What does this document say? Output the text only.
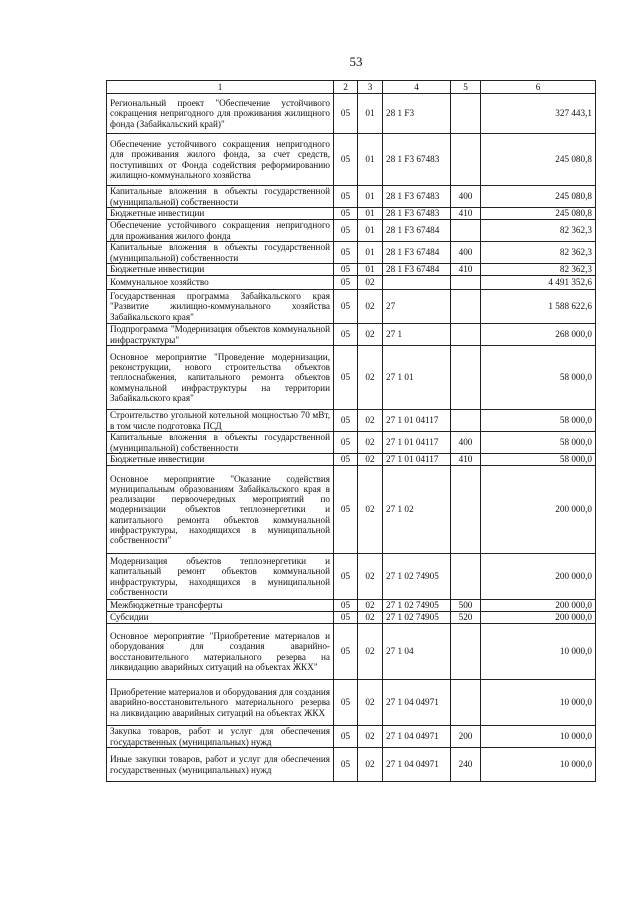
53
1	2	3	4	5	6
Региональный проект "Обеспечение устойчивого сокращения непригодного для проживания жилищного фонда (Забайкальский край)"	05	01	28 1 F3		327 443,1
Обеспечение устойчивого сокращения непригодного для проживания жилого фонда, за счет средств, поступивших от Фонда содействия реформированию жилищно-коммунального хозяйства	05	01	28 1 F3 67483		245 080,8
Капитальные вложения в объекты государственной (муниципальной) собственности	05	01	28 1 F3 67483	400	245 080,8
Бюджетные инвестиции	05	01	28 1 F3 67483	410	245 080,8
Обеспечение устойчивого сокращения непригодного для проживания жилого фонда	05	01	28 1 F3 67484		82 362,3
Капитальные вложения в объекты государственной (муниципальной) собственности	05	01	28 1 F3 67484	400	82 362,3
Бюджетные инвестиции	05	01	28 1 F3 67484	410	82 362,3
Коммунальное хозяйство	05	02			4 491 352,6
Государственная программа Забайкальского края "Развитие жилищно-коммунального хозяйства Забайкальского края"	05	02	27		1 588 622,6
Подпрограмма "Модернизация объектов коммунальной инфраструктуры"	05	02	27 1		268 000,0
Основное мероприятие "Проведение модернизации, реконструкции, нового строительства объектов теплоснабжения, капитального ремонта объектов коммунальной инфраструктуры на территории Забайкальского края"	05	02	27 1 01		58 000,0
Строительство угольной котельной мощностью 70 мВт, в том числе подготовка ПСД	05	02	27 1 01 04117		58 000,0
Капитальные вложения в объекты государственной (муниципальной) собственности	05	02	27 1 01 04117	400	58 000,0
Бюджетные инвестиции	05	02	27 1 01 04117	410	58 000,0
Основное мероприятие "Оказание содействия муниципальным образованиям Забайкальского края в реализации первоочередных мероприятий по модернизации объектов теплоэнергетики и капитального ремонта объектов коммунальной инфраструктуры, находящихся в муниципальной собственности"	05	02	27 1 02		200 000,0
Модернизация объектов теплоэнергетики и капитальный ремонт объектов коммунальной инфраструктуры, находящихся в муниципальной собственности	05	02	27 1 02 74905		200 000,0
Межбюджетные трансферты	05	02	27 1 02 74905	500	200 000,0
Субсидии	05	02	27 1 02 74905	520	200 000,0
Основное мероприятие "Приобретение материалов и оборудования для создания аварийно-восстановительного материального резерва на ликвидацию аварийных ситуаций на объектах ЖКХ"	05	02	27 1 04		10 000,0
Приобретение материалов и оборудования для создания аварийно-восстановительного материального резерва на ликвидацию аварийных ситуаций на объектах ЖКХ	05	02	27 1 04 04971		10 000,0
Закупка товаров, работ и услуг для обеспечения государственных (муниципальных) нужд	05	02	27 1 04 04971	200	10 000,0
Иные закупки товаров, работ и услуг для обеспечения государственных (муниципальных) нужд	05	02	27 1 04 04971	240	10 000,0
